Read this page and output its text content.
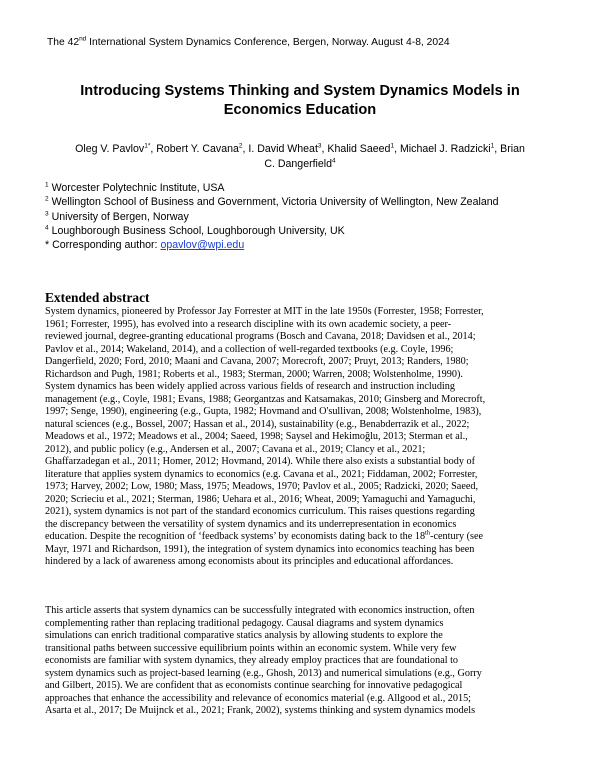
The 42nd International System Dynamics Conference, Bergen, Norway. August 4-8, 2024
Introducing Systems Thinking and System Dynamics Models in
Economics Education
Oleg V. Pavlov$^{1*}$, Robert Y. Cavana$^2$, I. David Wheat$^3$, Khalid Saeed$^1$, Michael J. Radzicki$^1$, Brian
C. Dangerfield$^4$
$^1$ Worcester Polytechnic Institute, USA
$^2$ Wellington School of Business and Government, Victoria University of Wellington, New Zealand
$^3$ University of Bergen, Norway
$^4$ Loughborough Business School, Loughborough University, UK
* Corresponding author: opavlov@wpi.edu
Extended abstract
System dynamics, pioneered by Professor Jay Forrester at MIT in the late 1950s (Forrester, 1958; Forrester,
1961; Forrester, 1995), has evolved into a research discipline with its own academic society, a peer-
reviewed journal, degree-granting educational programs (Bosch and Cavana, 2018; Davidsen et al., 2014;
Pavlov et al., 2014; Wakeland, 2014), and a collection of well-regarded textbooks (e.g. Coyle, 1996;
Dangerfield, 2020; Ford, 2010; Maani and Cavana, 2007; Morecroft, 2007; Pruyt, 2013; Randers, 1980;
Richardson and Pugh, 1981; Roberts et al., 1983; Sterman, 2000; Warren, 2008; Wolstenholme, 1990).
System dynamics has been widely applied across various fields of research and instruction including
management (e.g., Coyle, 1981; Evans, 1988; Georgantzas and Katsamakas, 2010; Ginsberg and Morecroft,
1997; Senge, 1990), engineering (e.g., Gupta, 1982; Hovmand and O'sullivan, 2008; Wolstenholme, 1983),
natural sciences (e.g., Bossel, 2007; Hassan et al., 2014), sustainability (e.g., Benabderrazik et al., 2022;
Meadows et al., 1972; Meadows et al., 2004; Saeed, 1998; Saysel and Hekimoğlu, 2013; Sterman et al.,
2012), and public policy (e.g., Andersen et al., 2007; Cavana et al., 2019; Clancy et al., 2021;
Ghaffarzadegan et al., 2011; Homer, 2012; Hovmand, 2014). While there also exists a substantial body of
literature that applies system dynamics to economics (e.g. Cavana et al., 2021; Fiddaman, 2002; Forrester,
1973; Harvey, 2002; Low, 1980; Mass, 1975; Meadows, 1970; Pavlov et al., 2005; Radzicki, 2020; Saeed,
2020; Scrieciu et al., 2021; Sterman, 1986; Uehara et al., 2016; Wheat, 2009; Yamaguchi and Yamaguchi,
2021), system dynamics is not part of the standard economics curriculum. This raises questions regarding
the discrepancy between the versatility of system dynamics and its underrepresentation in economics
education. Despite the recognition of ‘feedback systems’ by economists dating back to the 18th-century (see
Mayr, 1971 and Richardson, 1991), the integration of system dynamics into economics teaching has been
hindered by a lack of awareness among economists about its principles and educational affordances.
This article asserts that system dynamics can be successfully integrated with economics instruction, often
complementing rather than replacing traditional pedagogy. Causal diagrams and system dynamics
simulations can enrich traditional comparative statics analysis by allowing students to explore the
transitional paths between successive equilibrium points within an economic system. While very few
economists are familiar with system dynamics, they already employ practices that are foundational to
system dynamics such as project-based learning (e.g., Ghosh, 2013) and numerical simulations (e.g., Gorry
and Gilbert, 2015). We are confident that as economists continue searching for innovative pedagogical
approaches that enhance the accessibility and relevance of economics material (e.g. Allgood et al., 2015;
Asarta et al., 2017; De Muijnck et al., 2021; Frank, 2002), systems thinking and system dynamics models
